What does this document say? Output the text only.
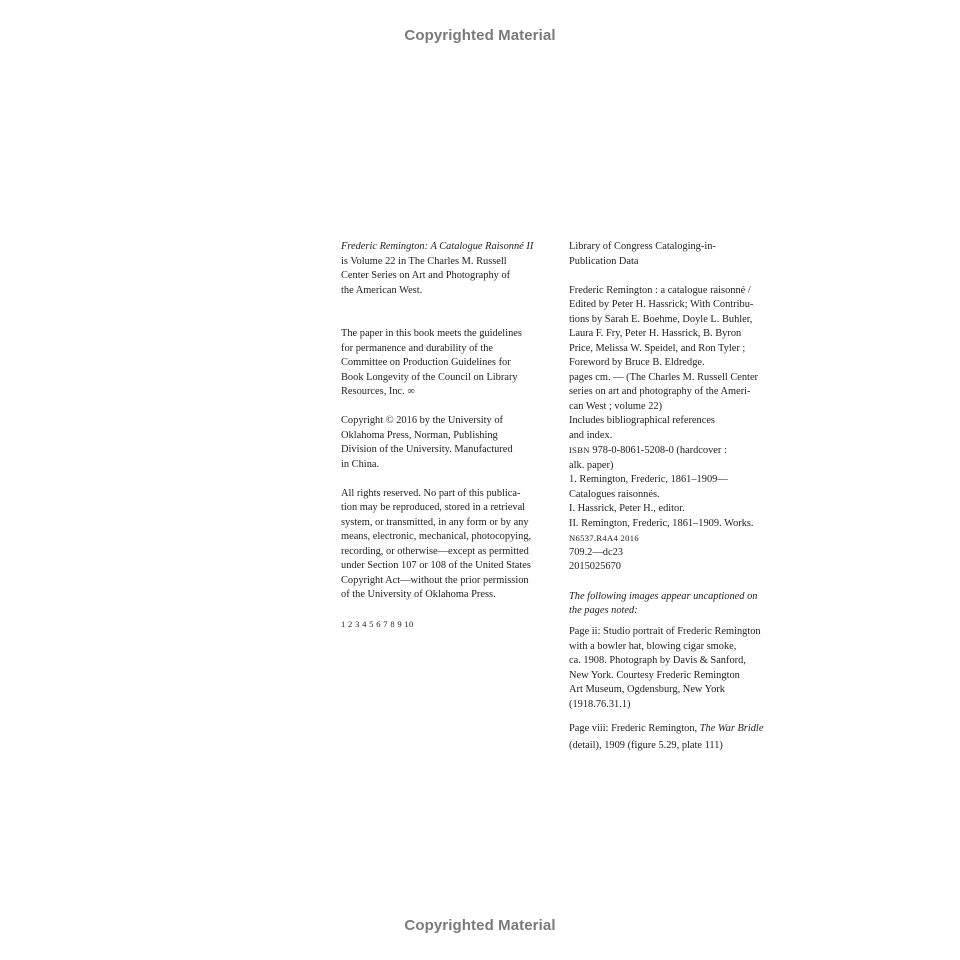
Copyrighted Material
Frederic Remington: A Catalogue Raisonné II
is Volume 22 in The Charles M. Russell
Center Series on Art and Photography of
the American West.
The paper in this book meets the guidelines
for permanence and durability of the
Committee on Production Guidelines for
Book Longevity of the Council on Library
Resources, Inc. ∞
Copyright © 2016 by the University of
Oklahoma Press, Norman, Publishing
Division of the University. Manufactured
in China.
All rights reserved. No part of this publica-
tion may be reproduced, stored in a retrieval
system, or transmitted, in any form or by any
means, electronic, mechanical, photocopying,
recording, or otherwise—except as permitted
under Section 107 or 108 of the United States
Copyright Act—without the prior permission
of the University of Oklahoma Press.
1 2 3 4 5 6 7 8 9 10
Library of Congress Cataloging-in-
Publication Data
Frederic Remington : a catalogue raisonné /
Edited by Peter H. Hassrick; With Contribu-
tions by Sarah E. Boehme, Doyle L. Buhler,
Laura F. Fry, Peter H. Hassrick, B. Byron
Price, Melissa W. Speidel, and Ron Tyler ;
Foreword by Bruce B. Eldredge.
pages cm. — (The Charles M. Russell Center
series on art and photography of the Ameri-
can West ; volume 22)
Includes bibliographical references
and index.
ISBN 978-0-8061-5208-0 (hardcover :
alk. paper)
1. Remington, Frederic, 1861–1909—
Catalogues raisonnés.
I. Hassrick, Peter H., editor.
II. Remington, Frederic, 1861–1909. Works.
N6537.R4A4 2016
709.2—dc23
2015025670
The following images appear uncaptioned on
the pages noted:
Page ii: Studio portrait of Frederic Remington
with a bowler hat, blowing cigar smoke,
ca. 1908. Photograph by Davis & Sanford,
New York. Courtesy Frederic Remington
Art Museum, Ogdensburg, New York
(1918.76.31.1)
Page viii: Frederic Remington, The War Bridle
(detail), 1909 (figure 5.29, plate 111)
Copyrighted Material
